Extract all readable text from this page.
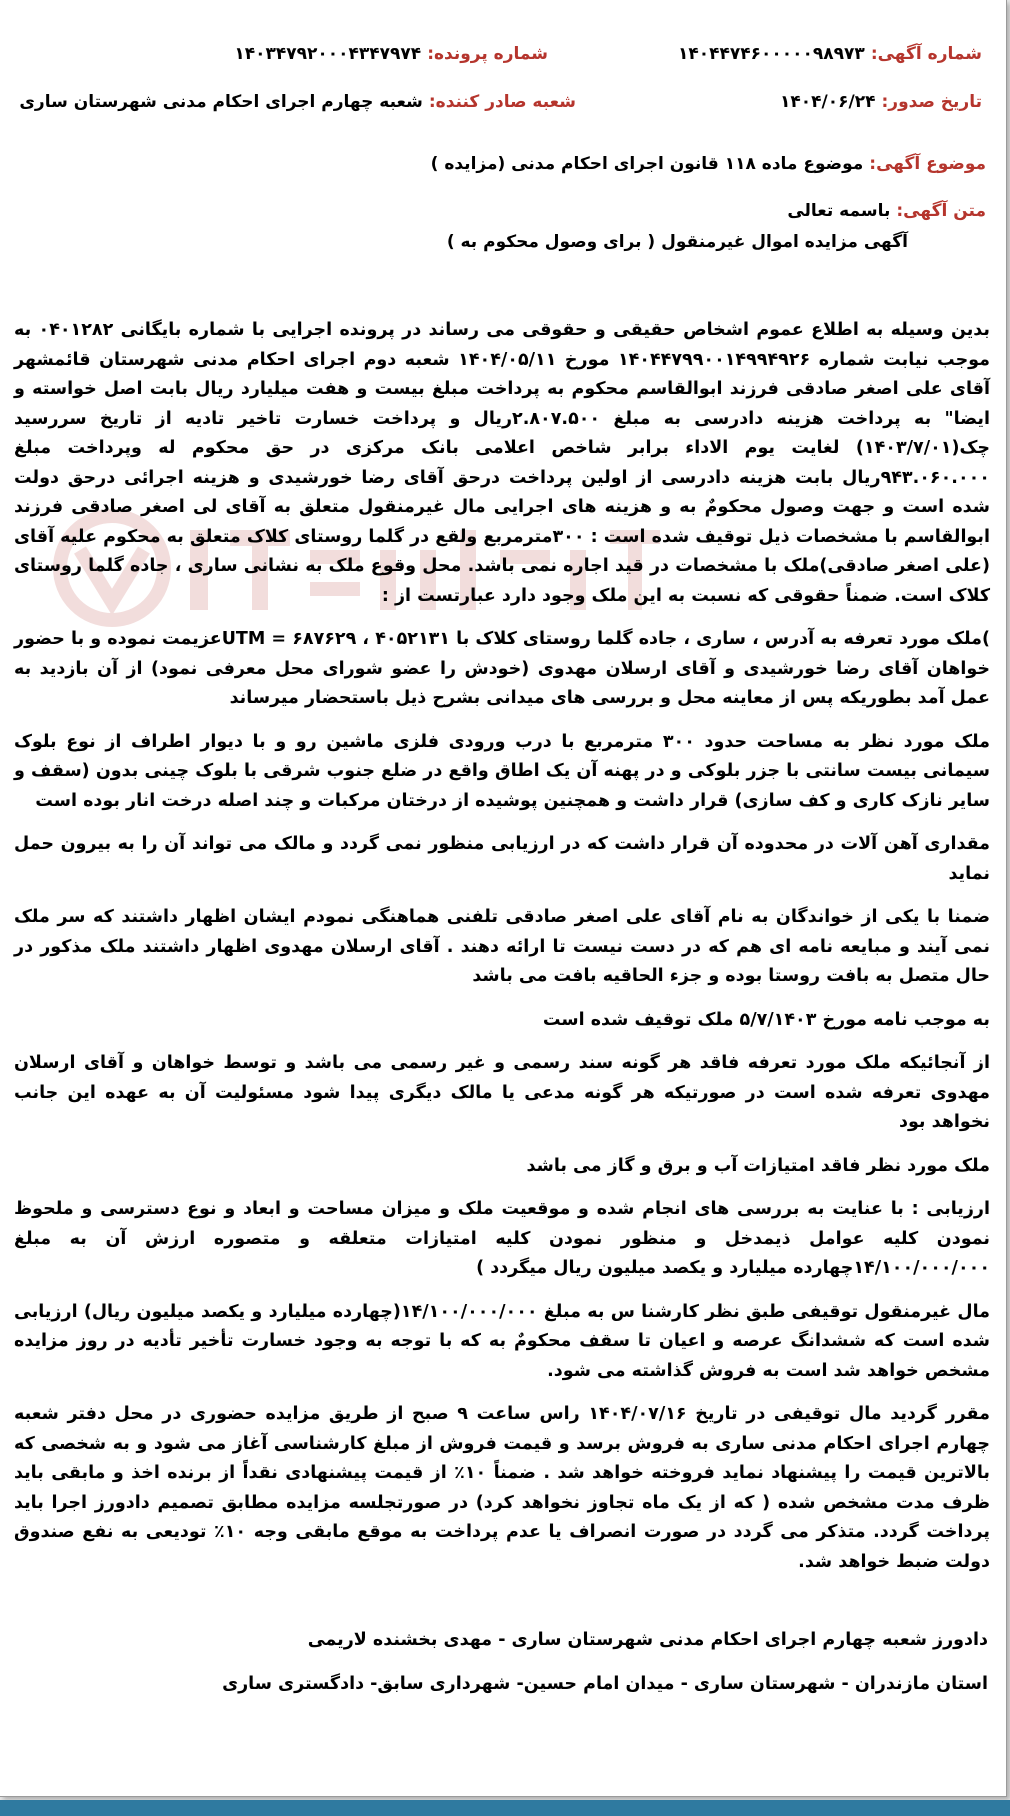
شماره آگهی:۱۴۰۴۴۷۴۶۰۰۰۰۰۹۸۹۷۳
شماره پرونده:۱۴۰۳۴۷۹۲۰۰۰۴۳۴۷۹۷۴
تاریخ صدور:۱۴۰۴/۰۶/۲۴
شعبه صادر کننده:شعبه چهارم اجرای احکام مدنی شهرستان ساری
موضوع آگهی:موضوع ماده ۱۱۸ قانون اجرای احکام مدنی (مزایده )
متن آگهی:باسمه تعالی
آگهی مزایده اموال غیرمنقول ( برای وصول محکوم به )

بدین وسیله به اطلاع عموم اشخاص حقیقی و حقوقی می رساند در پرونده اجرایی با شماره بایگانی ۰۴۰۱۲۸۲ به موجب نیابت شماره ۱۴۰۴۴۷۹۹۰۰۱۴۹۹۴۹۲۶ مورخ ۱۴۰۴/۰۵/۱۱ شعبه دوم اجرای احکام مدنی شهرستان قائمشهر آقای علی اصغر صادقی فرزند ابوالقاسم محکوم به پرداخت مبلغ بیست و هفت میلیارد ریال بابت اصل خواسته و ایضا" به پرداخت هزینه دادرسی به مبلغ ۲.۸۰۷.۵۰۰ریال و پرداخت خسارت تاخیر تادیه از تاریخ سررسید چک(۱۴۰۳/۷/۰۱) لغایت یوم الاداء برابر شاخص اعلامی بانک مرکزی در حق محکوم له وپرداخت مبلغ ۹۴۳.۰۶۰.۰۰۰ریال بابت هزینه دادرسی از اولین پرداخت درحق آقای رضا خورشیدی و هزینه اجرائی درحق دولت شده است و جهت وصول محکومٌ به و هزینه های اجرایی مال غیرمنقول متعلق به آقای لی اصغر صادقی فرزند ابوالقاسم با مشخصات ذیل توقیف شده است : ۳۰۰مترمربع ولقع در گلما روستای کلاک متعلق به محکوم علیه آقای (علی اصغر صادقی)ملک با مشخصات در قید اجاره نمی باشد. محل وقوع ملک به نشانی ساری ، جاده گلما روستای کلاک است. ضمناً حقوقی که نسبت به این ملک وجود دارد عبارتست از :

)ملک مورد تعرفه به آدرس ، ساری ، جاده گلما روستای کلاک با ۴۰۵۲۱۳۱ ، ۶۸۷۶۲۹ = UTMعزیمت نموده و با حضور خواهان آقای رضا خورشیدی و آقای ارسلان مهدوی (خودش را عضو شورای محل معرفی نمود) از آن بازدید به عمل آمد بطوریکه پس از معاینه محل و بررسی های میدانی بشرح ذیل باستحضار میرساند

ملک مورد نظر به مساحت حدود ۳۰۰ مترمربع با درب ورودی فلزی ماشین رو و با دیوار اطراف از نوع بلوک سیمانی بیست سانتی با جزر بلوکی و در پهنه آن یک اطاق واقع در ضلع جنوب شرقی با بلوک چینی بدون (سقف و سایر نازک کاری و کف سازی) قرار داشت و همچنین پوشیده از درختان مرکبات و چند اصله درخت انار بوده است

مقداری آهن آلات در محدوده آن قرار داشت که در ارزیابی منظور نمی گردد و مالک می تواند آن را به بیرون حمل نماید

ضمنا با یکی از خواندگان به نام آقای علی اصغر صادقی تلفنی هماهنگی نمودم ایشان اظهار داشتند که سر ملک نمی آیند و مبایعه نامه ای هم که در دست نیست تا ارائه دهند . آقای ارسلان مهدوی اظهار داشتند ملک مذکور در حال متصل به بافت روستا بوده و جزء الحاقیه بافت می باشد

به موجب نامه مورخ ۵/۷/۱۴۰۳ ملک توقیف شده است

از آنجائیکه ملک مورد تعرفه فاقد هر گونه سند رسمی و غیر رسمی می باشد و توسط خواهان و آقای ارسلان مهدوی تعرفه شده است در صورتیکه هر گونه مدعی یا مالک دیگری پیدا شود مسئولیت آن به عهده این جانب نخواهد بود

ملک مورد نظر فاقد امتیازات آب و برق و گاز می باشد

ارزیابی : با عنایت به بررسی های انجام شده و موقعیت ملک و میزان مساحت و ابعاد و نوع دسترسی و ملحوظ نمودن کلیه عوامل ذیمدخل و منظور نمودن کلیه امتیازات متعلقه و متصوره ارزش آن به مبلغ ۱۴/۱۰۰/۰۰۰/۰۰۰چهارده میلیارد و یکصد میلیون ریال میگردد )

مال غیرمنقول توقیفی طبق نظر کارشنا س به مبلغ ۱۴/۱۰۰/۰۰۰/۰۰۰(چهارده میلیارد و یکصد میلیون ریال) ارزیابی شده است که ششدانگ عرصه و اعیان تا سقف محکومٌ به که با توجه به وجود خسارت تأخیر تأدیه در روز مزایده مشخص خواهد شد است به فروش گذاشته می شود.

مقرر گردید مال توقیفی در تاریخ ۱۴۰۴/۰۷/۱۶ راس ساعت ۹ صبح از طریق مزایده حضوری در محل دفتر شعبه چهارم اجرای احکام مدنی ساری به فروش برسد و قیمت فروش از مبلغ کارشناسی آغاز می شود و به شخصی که بالاترین قیمت را پیشنهاد نماید فروخته خواهد شد . ضمناً ۱۰٪ از قیمت پیشنهادی نقداً از برنده اخذ و مابقی باید ظرف مدت مشخص شده ( که از یک ماه تجاوز نخواهد کرد) در صورتجلسه مزایده مطابق تصمیم دادورز اجرا باید پرداخت گردد. متذکر می گردد در صورت انصراف یا عدم پرداخت به موقع مابقی وجه ۱۰٪ تودیعی به نفع صندوق دولت ضبط خواهد شد.

دادورز شعبه چهارم اجرای احکام مدنی شهرستان ساری - مهدی بخشنده لاریمی
استان مازندران - شهرستان ساری - میدان امام حسین- شهرداری سابق- دادگستری ساری
